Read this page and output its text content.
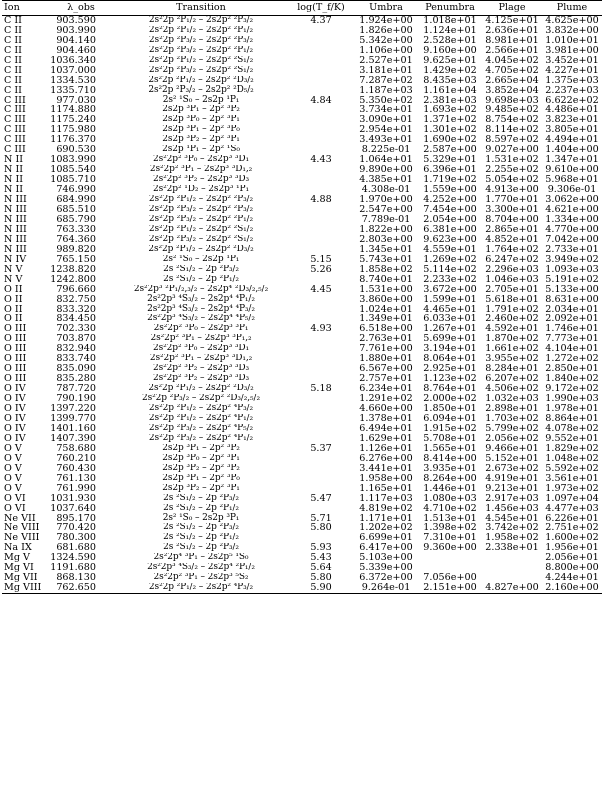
Ion	λ_obs	Transition	log(T_f/K)	Umbra	Penumbra	Plage	Plume
C II	903.590	2s²2p ²P₁/₂ – 2s2p² ²P₃/₂	4.37	1.924e+00	1.018e+01	4.125e+01	4.625e+00
C II	903.990	2s²2p ²P₁/₂ – 2s2p² ²P₁/₂		1.826e+00	1.124e+01	2.636e+01	3.832e+00
C II	904.140	2s²2p ²P₃/₂ – 2s2p² ²P₃/₂		5.342e+00	2.528e+01	8.981e+01	1.010e+01
C II	904.460	2s²2p ²P₃/₂ – 2s2p² ²P₁/₂		1.106e+00	9.160e+00	2.566e+01	3.981e+00
C II	1036.340	2s²2p ²P₁/₂ – 2s2p² ²S₁/₂		2.527e+01	9.625e+01	4.045e+02	3.452e+01
C II	1037.000	2s²2p ²P₃/₂ – 2s2p² ²S₁/₂		3.181e+01	1.429e+02	4.705e+02	4.227e+01
C II	1334.530	2s²2p ²P₁/₂ – 2s2p² ²D₃/₂		7.287e+02	8.435e+03	2.665e+04	1.375e+03
C II	1335.710	2s²2p ²P₃/₂ – 2s2p² ²D₅/₂		1.187e+03	1.161e+04	3.852e+04	2.237e+03
C III	977.030	2s² ¹S₀ – 2s2p ¹P₁	4.84	5.350e+02	2.381e+03	9.698e+03	6.622e+02
C III	1174.880	2s2p ³P₁ – 2p² ³P₂		3.734e+01	1.693e+02	9.485e+02	4.486e+01
C III	1175.240	2s2p ³P₀ – 2p² ³P₁		3.090e+01	1.371e+02	8.754e+02	3.823e+01
C III	1175.980	2s2p ³P₁ – 2p² ³P₀		2.954e+01	1.301e+02	8.114e+02	3.805e+01
C III	1176.370	2s2p ³P₂ – 2p² ³P₁		3.493e+01	1.690e+02	8.597e+02	4.494e+01
C III	690.530	2s2p ¹P₁ – 2p² ¹S₀		8.225e-01	2.587e+00	9.027e+00	1.404e+00
N II	1083.990	2s²2p² ³P₀ – 2s2p³ ³D₁	4.43	1.064e+01	5.329e+01	1.531e+02	1.347e+01
N II	1085.540	2s²2p² ³P₁ – 2s2p³ ³D₁,₂		9.890e+00	6.396e+01	2.255e+02	9.610e+00
N II	1085.710	2s²2p² ³P₂ – 2s2p³ ³D₃		4.385e+01	1.719e+02	5.054e+02	5.968e+01
N II	746.990	2s²2p² ¹D₂ – 2s2p³ ¹P₁		4.308e-01	1.559e+00	4.913e+00	9.306e-01
N III	684.990	2s²2p ²P₁/₂ – 2s2p² ²P₃/₂	4.88	1.970e+00	4.252e+00	1.770e+01	3.062e+00
N III	685.510	2s²2p ²P₃/₂ – 2s2p² ²P₃/₂		2.547e+00	7.454e+00	3.300e+01	4.621e+00
N III	685.790	2s²2p ²P₃/₂ – 2s2p² ²P₁/₂		7.789e-01	2.054e+00	8.704e+00	1.334e+00
N III	763.330	2s²2p ²P₁/₂ – 2s2p² ²S₁/₂		1.822e+00	6.381e+00	2.865e+01	4.770e+00
N III	764.360	2s²2p ²P₃/₂ – 2s2p² ²S₁/₂		2.803e+00	9.623e+00	4.852e+01	7.042e+00
N III	989.820	2s²2p ²P₁/₂ – 2s2p² ²D₃/₂		1.345e+01	4.559e+01	1.764e+02	2.733e+01
N IV	765.150	2s² ¹S₀ – 2s2p ¹P₁	5.15	5.743e+01	1.269e+02	6.247e+02	3.949e+02
N V	1238.820	2s ²S₁/₂ – 2p ²P₃/₂	5.26	1.858e+02	5.114e+02	2.296e+03	1.093e+03
N V	1242.800	2s ²S₁/₂ – 2p ²P₁/₂		8.740e+01	2.233e+02	1.046e+03	5.191e+02
O II	796.660	2s²2p³ ²P₁/₂,₃/₂ – 2s2p⁴ ²D₃/₂,₅/₂	4.45	1.531e+00	3.672e+00	2.705e+01	5.133e+00
O II	832.750	2s²2p³ ⁴S₃/₂ – 2s2p⁴ ⁴P₁/₂		3.860e+00	1.599e+01	5.618e+01	8.631e+00
O II	833.320	2s²2p³ ⁴S₃/₂ – 2s2p⁴ ⁴P₃/₂		1.024e+01	4.465e+01	1.791e+02	2.034e+01
O II	834.450	2s²2p³ ⁴S₃/₂ – 2s2p⁴ ⁴P₅/₂		1.349e+01	6.033e+01	2.460e+02	2.092e+01
O III	702.330	2s²2p² ³P₀ – 2s2p³ ³P₁	4.93	6.518e+00	1.267e+01	4.592e+01	1.746e+01
O III	703.870	2s²2p² ³P₁ – 2s2p³ ³P₁,₂		2.763e+01	5.699e+01	1.870e+02	7.773e+01
O III	832.940	2s²2p² ³P₀ – 2s2p³ ³D₁		7.761e+00	3.194e+01	1.661e+02	4.104e+01
O III	833.740	2s²2p² ³P₁ – 2s2p³ ³D₁,₂		1.880e+01	8.064e+01	3.955e+02	1.272e+02
O III	835.090	2s²2p² ³P₂ – 2s2p³ ³D₃		6.567e+00	2.925e+01	8.284e+01	2.850e+01
O III	835.280	2s²2p² ³P₂ – 2s2p³ ³D₃		2.757e+01	1.123e+02	6.207e+02	1.840e+02
O IV	787.720	2s²2p ²P₁/₂ – 2s2p² ²D₃/₂	5.18	6.234e+01	8.764e+01	4.506e+02	9.172e+02
O IV	790.190	2s²2p ²P₃/₂ – 2s2p² ²D₃/₂,₅/₂		1.291e+02	2.000e+02	1.032e+03	1.990e+03
O IV	1397.220	2s²2p ²P₁/₂ – 2s2p² ⁴P₃/₂		4.660e+00	1.850e+01	2.898e+01	1.978e+01
O IV	1399.770	2s²2p ²P₁/₂ – 2s2p² ⁴P₁/₂		1.378e+01	6.094e+01	1.703e+02	8.864e+01
O IV	1401.160	2s²2p ²P₃/₂ – 2s2p² ⁴P₅/₂		6.494e+01	1.915e+02	5.799e+02	4.078e+02
O IV	1407.390	2s²2p ²P₃/₂ – 2s2p² ⁴P₁/₂		1.629e+01	5.708e+01	2.056e+02	9.552e+01
O V	758.680	2s2p ³P₁ – 2p² ³P₂	5.37	1.126e+01	1.565e+01	9.466e+01	1.829e+02
O V	760.210	2s2p ³P₀ – 2p² ³P₁		6.276e+00	8.414e+00	5.152e+01	1.048e+02
O V	760.430	2s2p ³P₂ – 2p² ³P₂		3.441e+01	3.935e+01	2.673e+02	5.592e+02
O V	761.130	2s2p ³P₁ – 2p² ³P₀		1.958e+00	8.264e+00	4.919e+01	3.561e+01
O V	761.990	2s2p ³P₂ – 2p² ³P₁		1.165e+01	1.446e+01	9.213e+01	1.973e+02
O VI	1031.930	2s ²S₁/₂ – 2p ²P₃/₂	5.47	1.117e+03	1.080e+03	2.917e+03	1.097e+04
O VI	1037.640	2s ²S₁/₂ – 2p ²P₁/₂		4.819e+02	4.710e+02	1.456e+03	4.477e+03
Ne VII	895.170	2s² ¹S₀ – 2s2p ³P₁	5.71	1.171e+01	1.513e+01	4.545e+01	6.226e+01
Ne VIII	770.420	2s ²S₁/₂ – 2p ²P₃/₂	5.80	1.202e+02	1.398e+02	3.742e+02	2.751e+02
Ne VIII	780.300	2s ²S₁/₂ – 2p ²P₁/₂		6.699e+01	7.310e+01	1.958e+02	1.600e+02
Na IX	681.680	2s ²S₁/₂ – 2p ²P₃/₂	5.93	6.417e+00	9.360e+00	2.338e+01	1.956e+01
Mg V	1324.590	2s²2p⁴ ³P₁ – 2s2p⁵ ¹S₀	5.43	5.103e+00			2.056e+01
Mg VI	1191.680	2s²2p³ ⁴S₃/₂ – 2s2p⁴ ²P₁/₂	5.64	5.339e+00			8.800e+00
Mg VII	868.130	2s²2p² ³P₁ – 2s2p³ ⁵S₂	5.80	6.372e+00	7.056e+00		4.244e+01
Mg VIII	762.650	2s²2p ²P₁/₂ – 2s2p² ⁴P₃/₂	5.90	9.264e-01	2.151e+00	4.827e+00	2.160e+00
